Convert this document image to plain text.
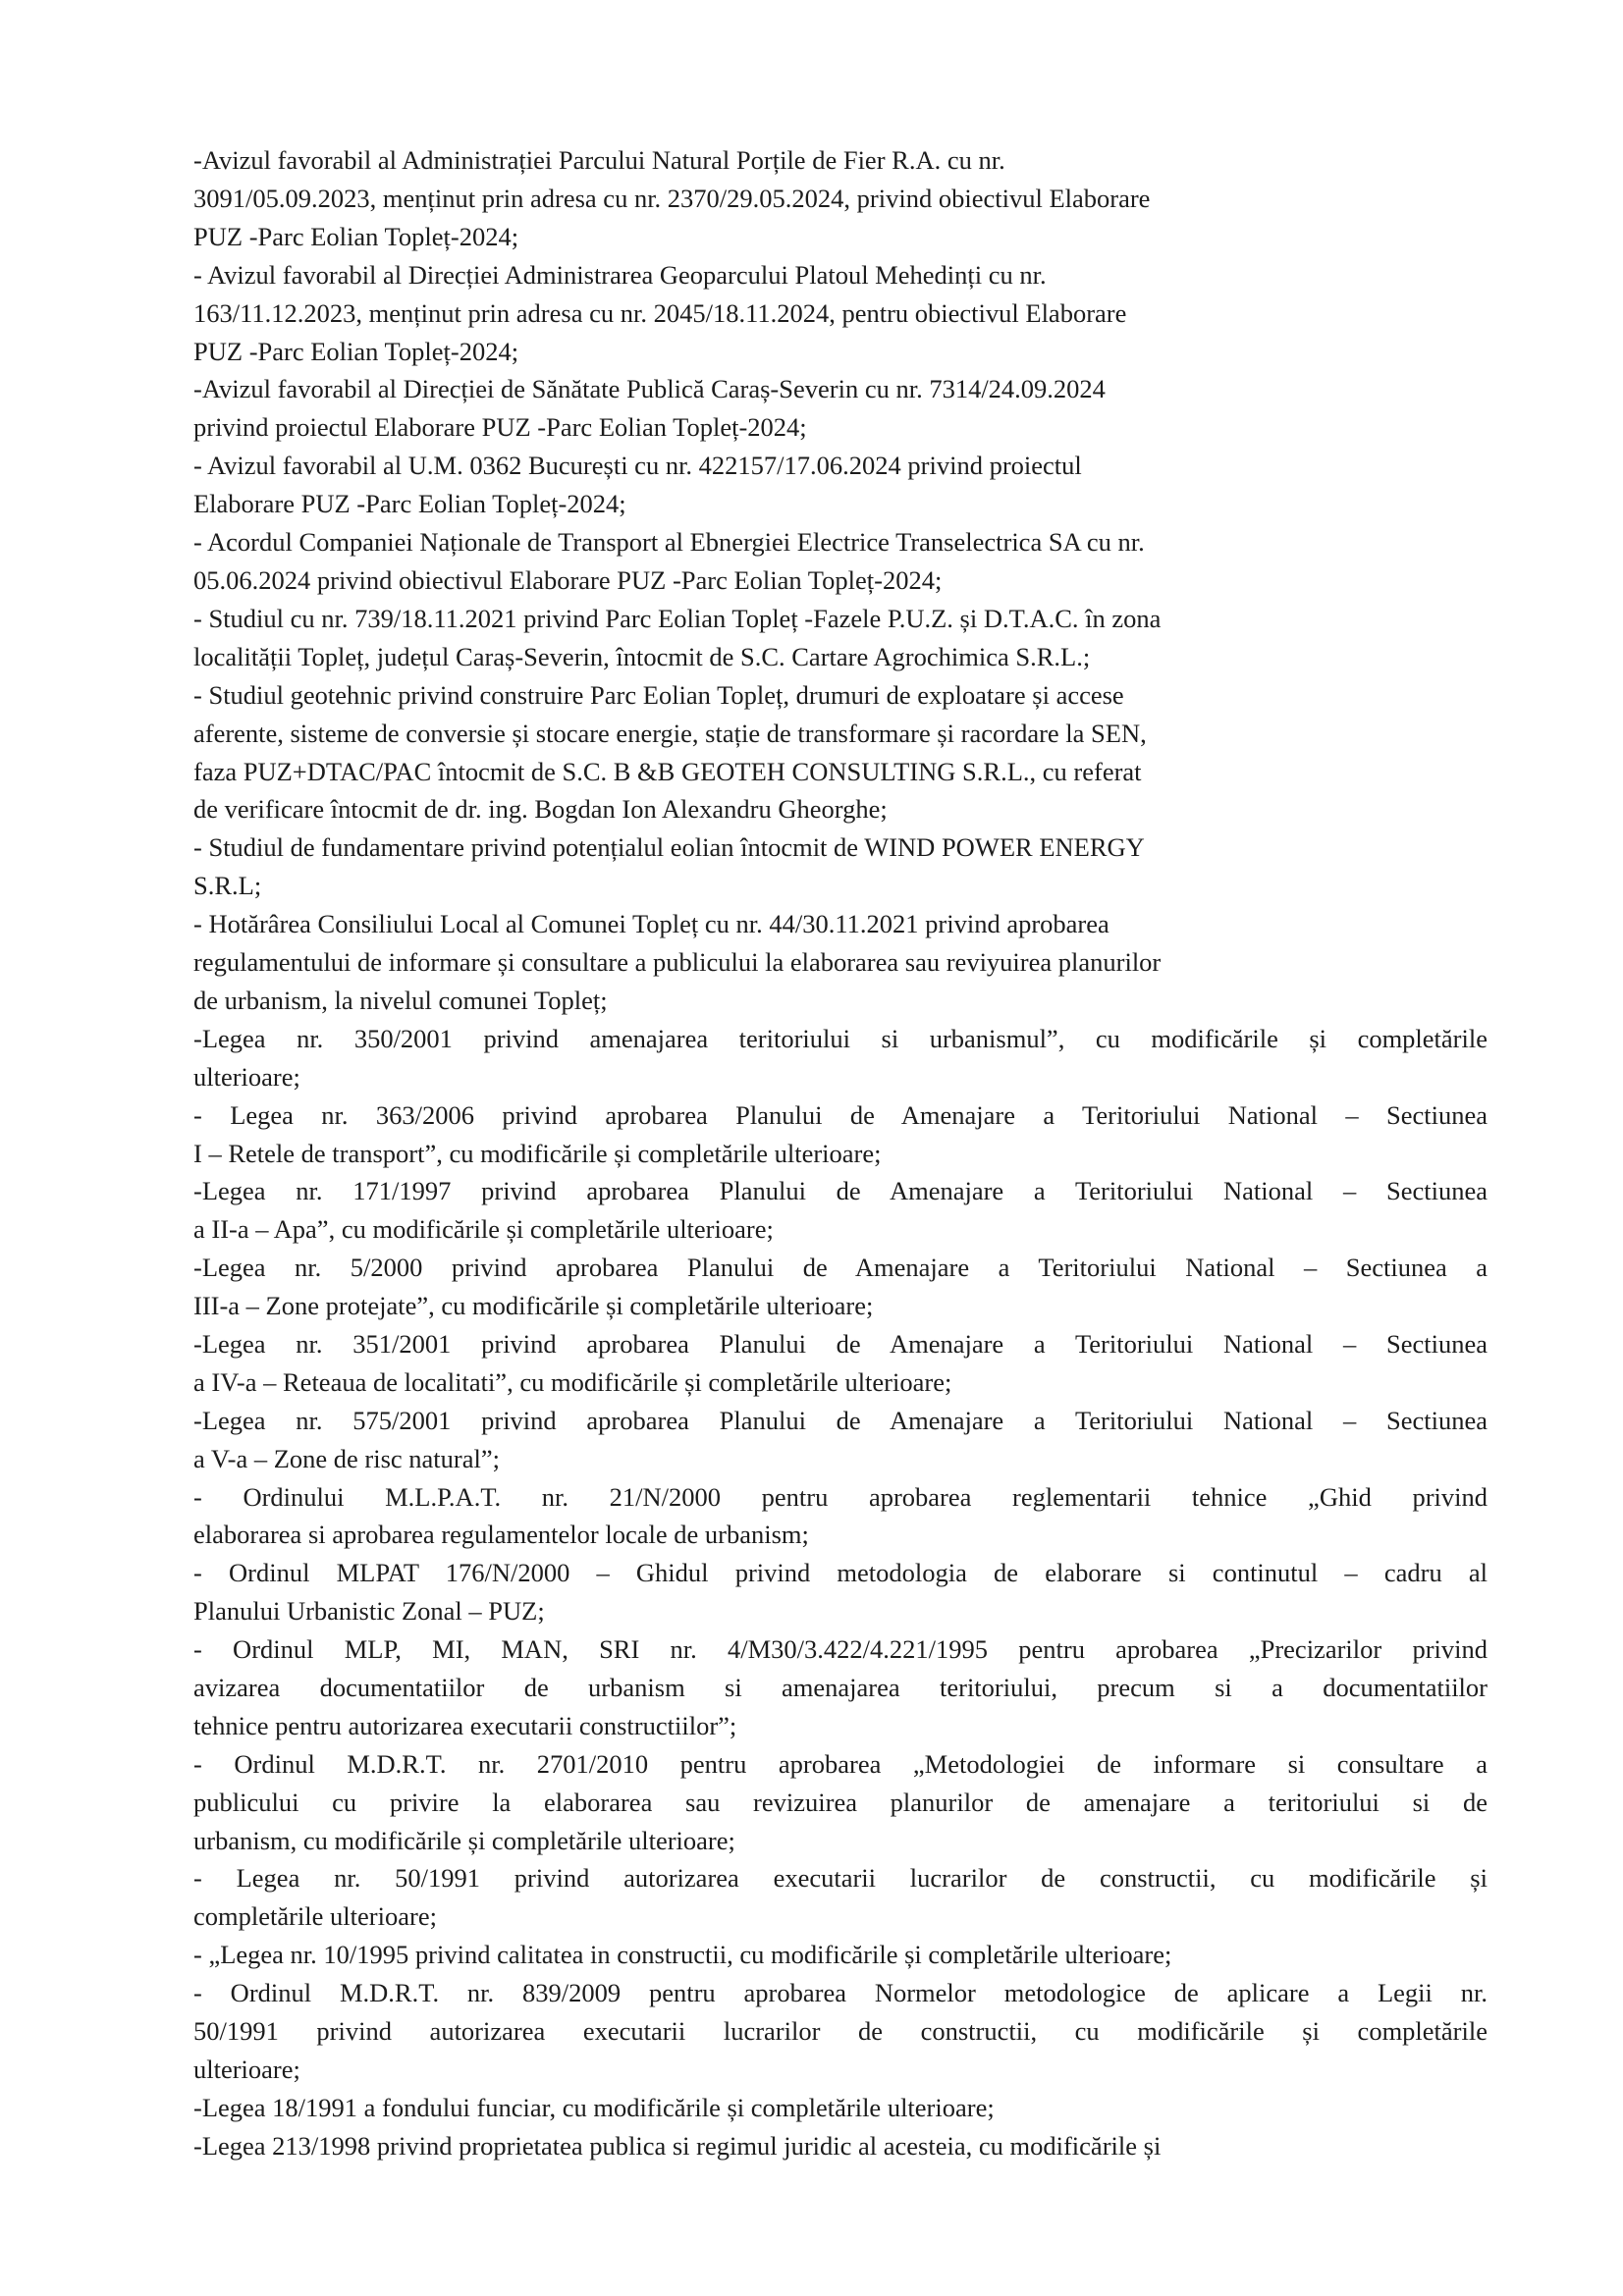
-Avizul favorabil al Administrației Parcului Natural Porțile de Fier R.A. cu nr.
3091/05.09.2023, menținut prin adresa cu nr. 2370/29.05.2024, privind obiectivul Elaborare
PUZ -Parc Eolian Topleț-2024;
- Avizul favorabil al Direcției Administrarea Geoparcului Platoul Mehedinți cu nr.
163/11.12.2023, menținut prin adresa cu nr. 2045/18.11.2024, pentru obiectivul Elaborare
PUZ -Parc Eolian Topleț-2024;
-Avizul favorabil al Direcției de Sănătate Publică Caraș-Severin cu nr. 7314/24.09.2024
privind proiectul Elaborare PUZ -Parc Eolian Topleț-2024;
- Avizul favorabil al U.M. 0362 București cu nr. 422157/17.06.2024 privind proiectul
Elaborare PUZ -Parc Eolian Topleț-2024;
- Acordul Companiei Naționale de Transport al Ebnergiei Electrice Transelectrica SA cu nr.
05.06.2024 privind obiectivul Elaborare PUZ -Parc Eolian Topleț-2024;
- Studiul cu nr. 739/18.11.2021 privind Parc Eolian Topleț -Fazele P.U.Z. și D.T.A.C. în zona
localității Topleț, județul Caraș-Severin, întocmit de S.C. Cartare Agrochimica S.R.L.;
- Studiul geotehnic privind construire Parc Eolian Topleț, drumuri de exploatare și accese
aferente, sisteme de conversie și stocare energie, stație de transformare și racordare la SEN,
faza PUZ+DTAC/PAC întocmit de S.C. B &B GEOTEH CONSULTING S.R.L., cu referat
de verificare întocmit de dr. ing. Bogdan Ion Alexandru Gheorghe;
- Studiul de fundamentare privind potențialul eolian întocmit de WIND POWER ENERGY
S.R.L;
- Hotărârea Consiliului Local al Comunei Topleț cu nr. 44/30.11.2021 privind aprobarea
regulamentului de informare și consultare a publicului la elaborarea sau reviyuirea planurilor
de urbanism, la nivelul comunei Topleț;
-Legea nr. 350/2001 privind amenajarea teritoriului si urbanismul”, cu modificările și completările
ulterioare;
- Legea nr. 363/2006 privind aprobarea Planului de Amenajare a Teritoriului National – Sectiunea
I – Retele de transport”, cu modificările și completările ulterioare;
-Legea nr. 171/1997 privind aprobarea Planului de Amenajare a Teritoriului National – Sectiunea
a II-a – Apa”, cu modificările și completările ulterioare;
-Legea nr. 5/2000 privind aprobarea Planului de Amenajare a Teritoriului National – Sectiunea a
III-a – Zone protejate”, cu modificările și completările ulterioare;
-Legea nr. 351/2001 privind aprobarea Planului de Amenajare a Teritoriului National – Sectiunea
a IV-a – Reteaua de localitati”, cu modificările și completările ulterioare;
-Legea nr. 575/2001 privind aprobarea Planului de Amenajare a Teritoriului National – Sectiunea
a V-a – Zone de risc natural”;
- Ordinului M.L.P.A.T. nr. 21/N/2000 pentru aprobarea reglementarii tehnice „Ghid privind
elaborarea si aprobarea regulamentelor locale de urbanism;
- Ordinul MLPAT 176/N/2000 – Ghidul privind metodologia de elaborare si continutul – cadru al
Planului Urbanistic Zonal – PUZ;
- Ordinul MLP, MI, MAN, SRI nr. 4/M30/3.422/4.221/1995 pentru aprobarea „Precizarilor privind
avizarea documentatiilor de urbanism si amenajarea teritoriului, precum si a documentatiilor
tehnice pentru autorizarea executarii constructiilor”;
- Ordinul M.D.R.T. nr. 2701/2010 pentru aprobarea „Metodologiei de informare si consultare a
publicului cu privire la elaborarea sau revizuirea planurilor de amenajare a teritoriului si de
urbanism, cu modificările și completările ulterioare;
- Legea nr. 50/1991 privind autorizarea executarii lucrarilor de constructii, cu modificările și
completările ulterioare;
- „Legea nr. 10/1995 privind calitatea in constructii, cu modificările și completările ulterioare;
- Ordinul M.D.R.T. nr. 839/2009 pentru aprobarea Normelor metodologice de aplicare a Legii nr.
50/1991 privind autorizarea executarii lucrarilor de constructii, cu modificările și completările
ulterioare;
-Legea 18/1991 a fondului funciar, cu modificările și completările ulterioare;
-Legea 213/1998 privind proprietatea publica si regimul juridic al acesteia, cu modificările și
